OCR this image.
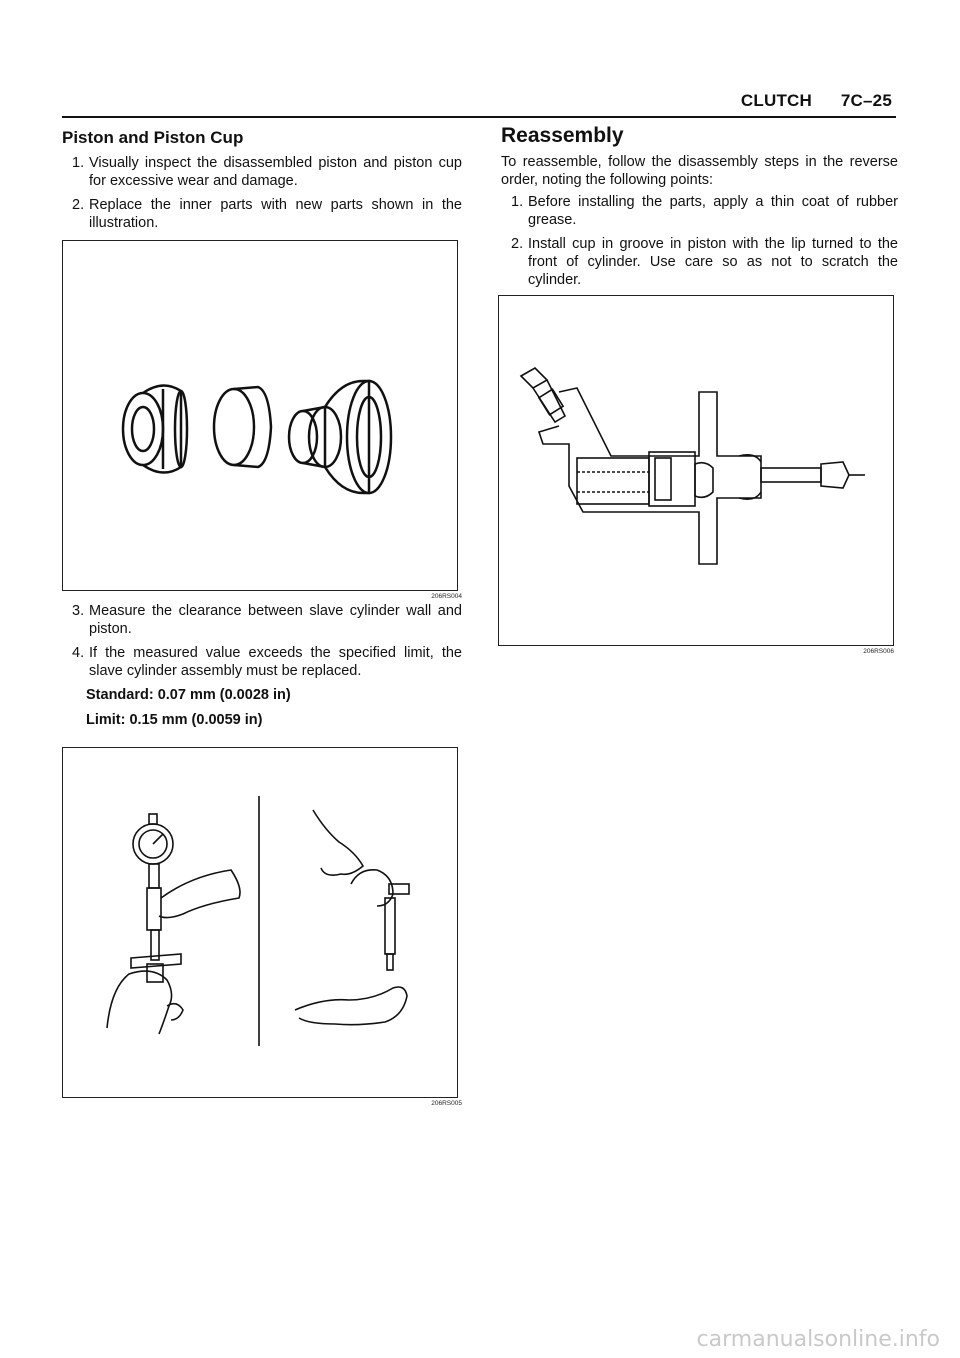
CLUTCH 7C–25
Piston and Piston Cup
1. Visually inspect the disassembled piston and piston cup for excessive wear and damage.
2. Replace the inner parts with new parts shown in the illustration.
206RS004
3. Measure the clearance between slave cylinder wall and piston.
4. If the measured value exceeds the specified limit, the slave cylinder assembly must be replaced.
Standard: 0.07 mm (0.0028 in)
Limit: 0.15 mm (0.0059 in)
206RS005
Reassembly

To reassemble, follow the disassembly steps in the reverse order, noting the following points:

1. Before installing the parts, apply a thin coat of rubber grease.
2. Install cup in groove in piston with the lip turned to the front of cylinder. Use care so as not to scratch the cylinder.
206RS006
carmanualsonline.info
